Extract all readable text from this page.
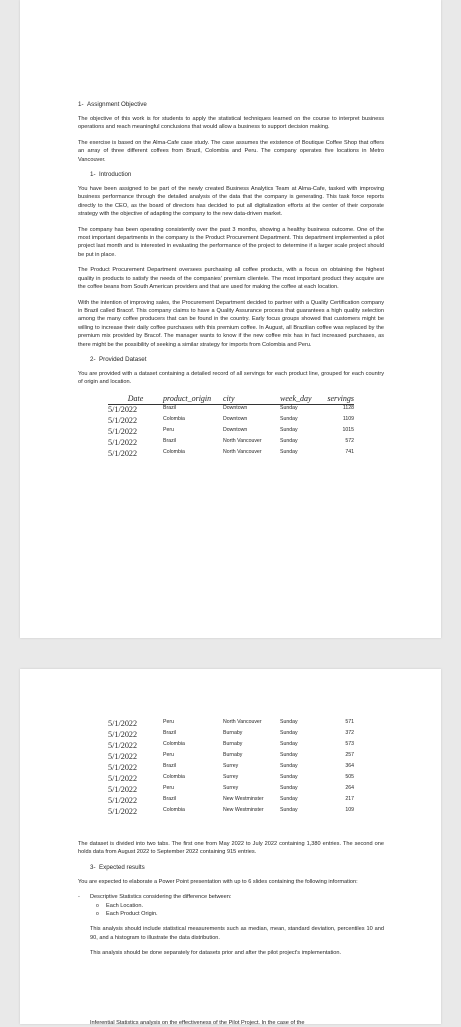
1- Assignment Objective

The objective of this work is for students to apply the statistical techniques learned on the course to interpret business operations and reach meaningful conclusions that would allow a business to support decision making.

The exercise is based on the Alma-Cafe case study. The case assumes the existence of Boutique Coffee Shop that offers an array of three different coffees from Brazil, Colombia and Peru. The company operates five locations in Metro Vancouver.

1- Introduction

You have been assigned to be part of the newly created Business Analytics Team at Alma-Cafe, tasked with improving business performance through the detailed analysis of the data that the company is generating. This task force reports directly to the CEO, as the board of directors has decided to put all digitalization efforts at the center of their corporate strategy with the objective of adapting the company to the new data-driven market.

The company has been operating consistently over the past 3 months, showing a healthy business outcome. One of the most important departments in the company is the Product Procurement Department. This department implemented a pilot project last month and is interested in evaluating the performance of the project to determine if a larger scale project should be put in place.

The Product Procurement Department oversees purchasing all coffee products, with a focus on obtaining the highest quality in products to satisfy the needs of the companies' premium clientele. The most important product they acquire are the coffee beans from South American providers and that are used for making the coffee at each location.

With the intention of improving sales, the Procurement Department decided to partner with a Quality Certification company in Brazil called Bracof. This company claims to have a Quality Assurance process that guarantees a high quality selection among the many coffee producers that can be found in the country. Early focus groups showed that customers might be willing to increase their daily coffee purchases with this premium coffee. In August, all Brazilian coffee was replaced by the premium mix provided by Bracof. The manager wants to know if the new coffee mix has in fact increased purchases, as there might be the possibility of seeking a similar strategy for imports from Colombia and Peru.

2- Provided Dataset

You are provided with a dataset containing a detailed record of all servings for each product line, grouped for each country of origin and location.

Date	product_origin	city	week_day	servings
5/1/2022	Brazil	Downtown	Sunday	1128
5/1/2022	Colombia	Downtown	Sunday	1109
5/1/2022	Peru	Downtown	Sunday	1015
5/1/2022	Brazil	North Vancouver	Sunday	572
5/1/2022	Colombia	North Vancouver	Sunday	741
5/1/2022	Peru	North Vancouver	Sunday	571
5/1/2022	Brazil	Burnaby	Sunday	372
5/1/2022	Colombia	Burnaby	Sunday	573
5/1/2022	Peru	Burnaby	Sunday	257
5/1/2022	Brazil	Surrey	Sunday	364
5/1/2022	Colombia	Surrey	Sunday	505
5/1/2022	Peru	Surrey	Sunday	264
5/1/2022	Brazil	New Westminster	Sunday	217
5/1/2022	Colombia	New Westminster	Sunday	109

The dataset is divided into two tabs. The first one from May 2022 to July 2022 containing 1,380 entries. The second one holds data from August 2022 to September 2022 containing 915 entries.

3- Expected results

You are expected to elaborate a Power Point presentation with up to 6 slides containing the following information:

- Descriptive Statistics considering the difference between:
o Each Location.
o Each Product Origin.

This analysis should include statistical measurements such as median, mean, standard deviation, percentiles 10 and 90, and a histogram to illustrate the data distribution.

This analysis should be done separately for datasets prior and after the pilot project's implementation.

Inferential Statistics analysis on the effectiveness of the Pilot Project. In the case of the
